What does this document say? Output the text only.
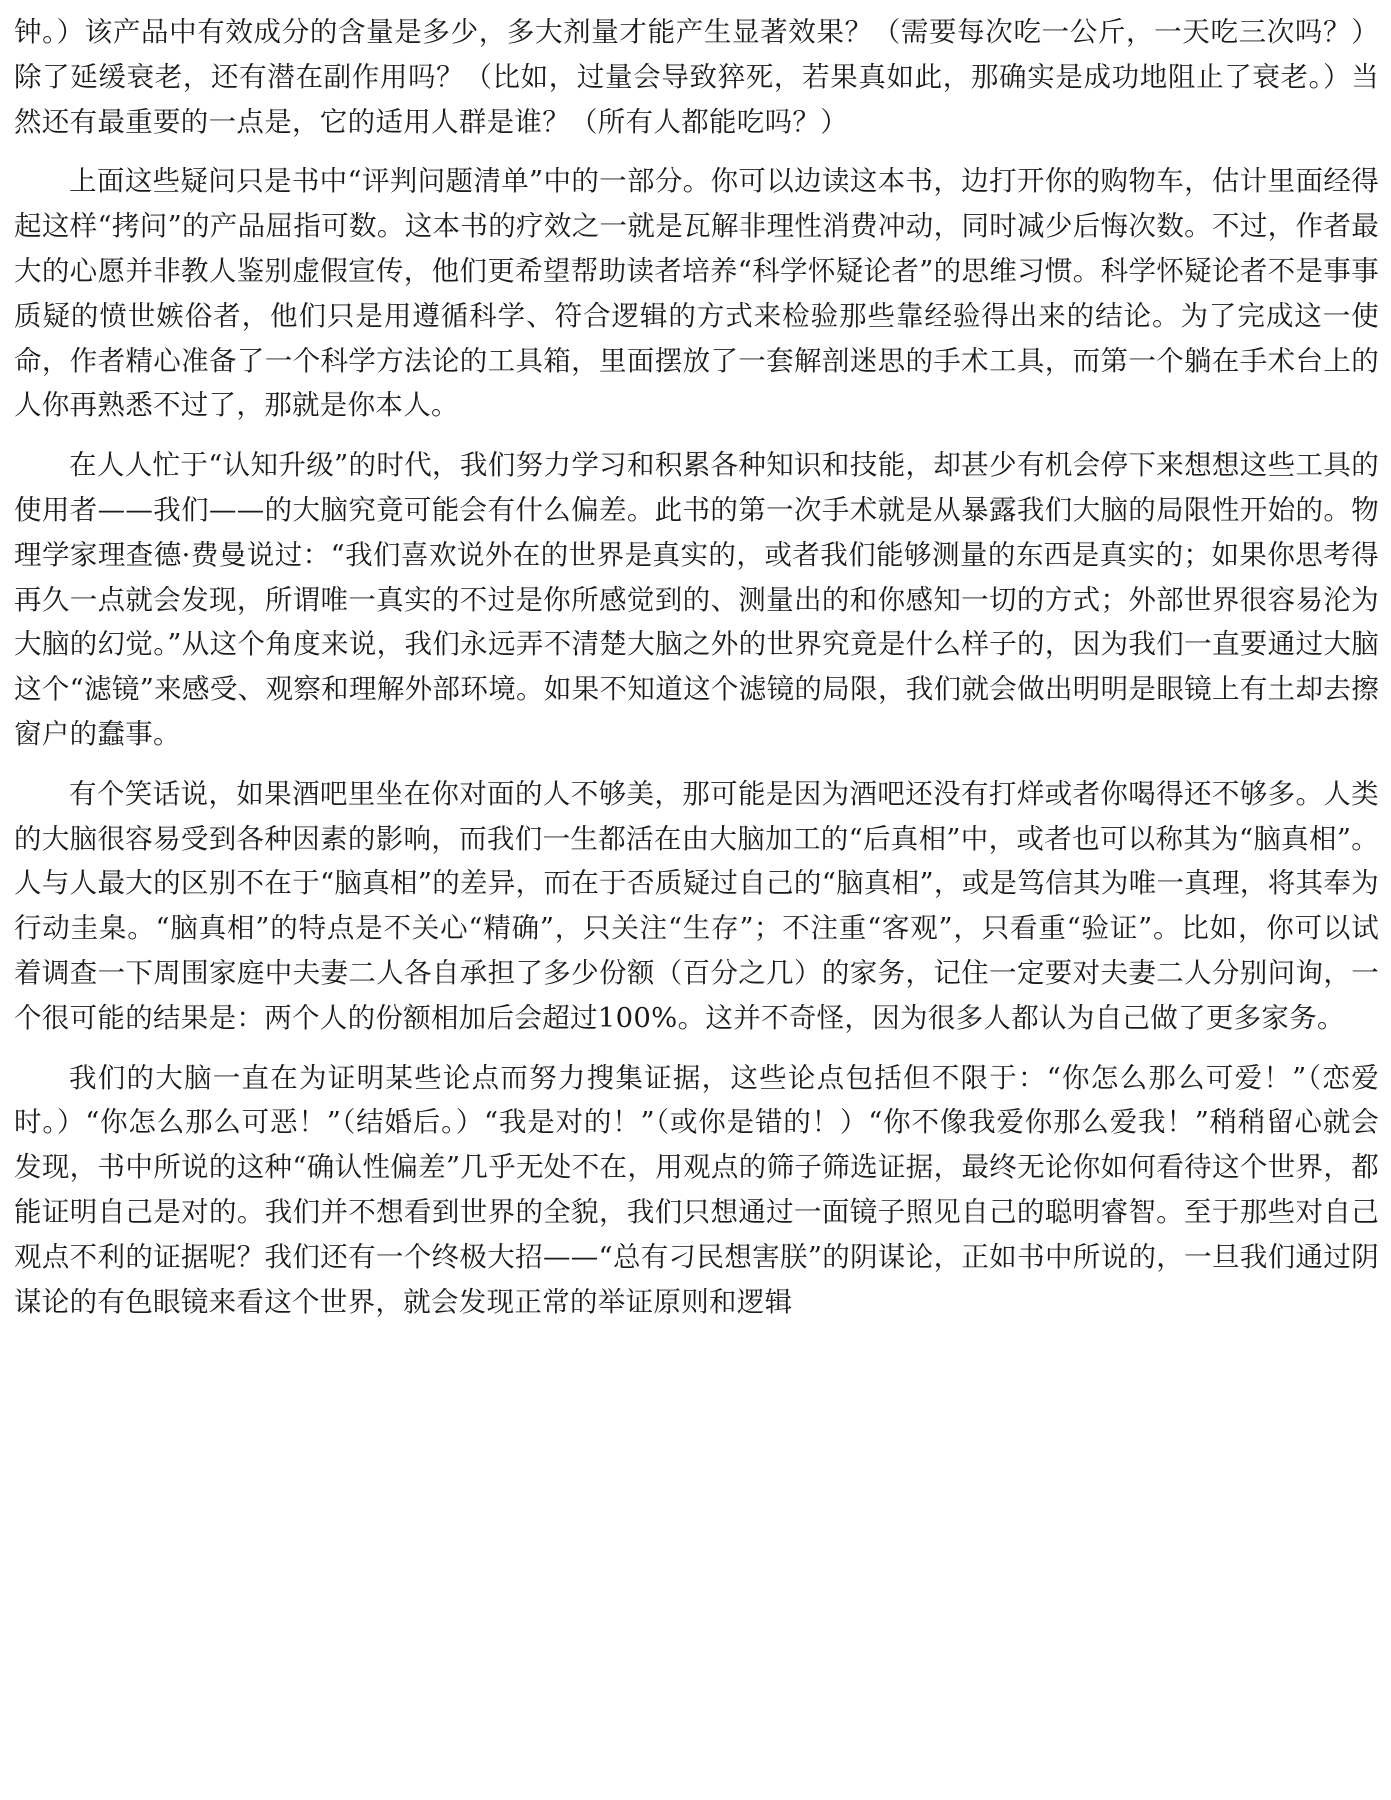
钟。）该产品中有效成分的含量是多少，多大剂量才能产生显著效果？（需要每次吃一公斤，一天吃三次吗？）除了延缓衰老，还有潜在副作用吗？（比如，过量会导致猝死，若果真如此，那确实是成功地阻止了衰老。）当然还有最重要的一点是，它的适用人群是谁？（所有人都能吃吗？）

上面这些疑问只是书中“评判问题清单”中的一部分。你可以边读这本书，边打开你的购物车，估计里面经得起这样“拷问”的产品屈指可数。这本书的疗效之一就是瓦解非理性消费冲动，同时减少后悔次数。不过，作者最大的心愿并非教人鉴别虚假宣传，他们更希望帮助读者培养“科学怀疑论者”的思维习惯。科学怀疑论者不是事事质疑的愤世嫉俗者，他们只是用遵循科学、符合逻辑的方式来检验那些靠经验得出来的结论。为了完成这一使命，作者精心准备了一个科学方法论的工具箱，里面摆放了一套解剖迷思的手术工具，而第一个躺在手术台上的人你再熟悉不过了，那就是你本人。

在人人忙于“认知升级”的时代，我们努力学习和积累各种知识和技能，却甚少有机会停下来想想这些工具的使用者——我们——的大脑究竟可能会有什么偏差。此书的第一次手术就是从暴露我们大脑的局限性开始的。物理学家理查德·费曼说过：“我们喜欢说外在的世界是真实的，或者我们能够测量的东西是真实的；如果你思考得再久一点就会发现，所谓唯一真实的不过是你所感觉到的、测量出的和你感知一切的方式；外部世界很容易沦为大脑的幻觉。”从这个角度来说，我们永远弄不清楚大脑之外的世界究竟是什么样子的，因为我们一直要通过大脑这个“滤镜”来感受、观察和理解外部环境。如果不知道这个滤镜的局限，我们就会做出明明是眼镜上有土却去擦窗户的蠢事。

有个笑话说，如果酒吧里坐在你对面的人不够美，那可能是因为酒吧还没有打烊或者你喝得还不够多。人类的大脑很容易受到各种因素的影响，而我们一生都活在由大脑加工的“后真相”中，或者也可以称其为“脑真相”。人与人最大的区别不在于“脑真相”的差异，而在于否质疑过自己的“脑真相”，或是笃信其为唯一真理，将其奉为行动圭臬。“脑真相”的特点是不关心“精确”，只关注“生存”；不注重“客观”，只看重“验证”。比如，你可以试着调查一下周围家庭中夫妻二人各自承担了多少份额（百分之几）的家务，记住一定要对夫妻二人分别问询，一个很可能的结果是：两个人的份额相加后会超过100%。这并不奇怪，因为很多人都认为自己做了更多家务。

我们的大脑一直在为证明某些论点而努力搜集证据，这些论点包括但不限于：“你怎么那么可爱！”（恋爱时。）“你怎么那么可恶！”（结婚后。）“我是对的！”（或你是错的！）“你不像我爱你那么爱我！”稍稍留心就会发现，书中所说的这种“确认性偏差”几乎无处不在，用观点的筛子筛选证据，最终无论你如何看待这个世界，都能证明自己是对的。我们并不想看到世界的全貌，我们只想通过一面镜子照见自己的聪明睿智。至于那些对自己观点不利的证据呢？我们还有一个终极大招——“总有刁民想害朕”的阴谋论，正如书中所说的，一旦我们通过阴谋论的有色眼镜来看这个世界，就会发现正常的举证原则和逻辑
